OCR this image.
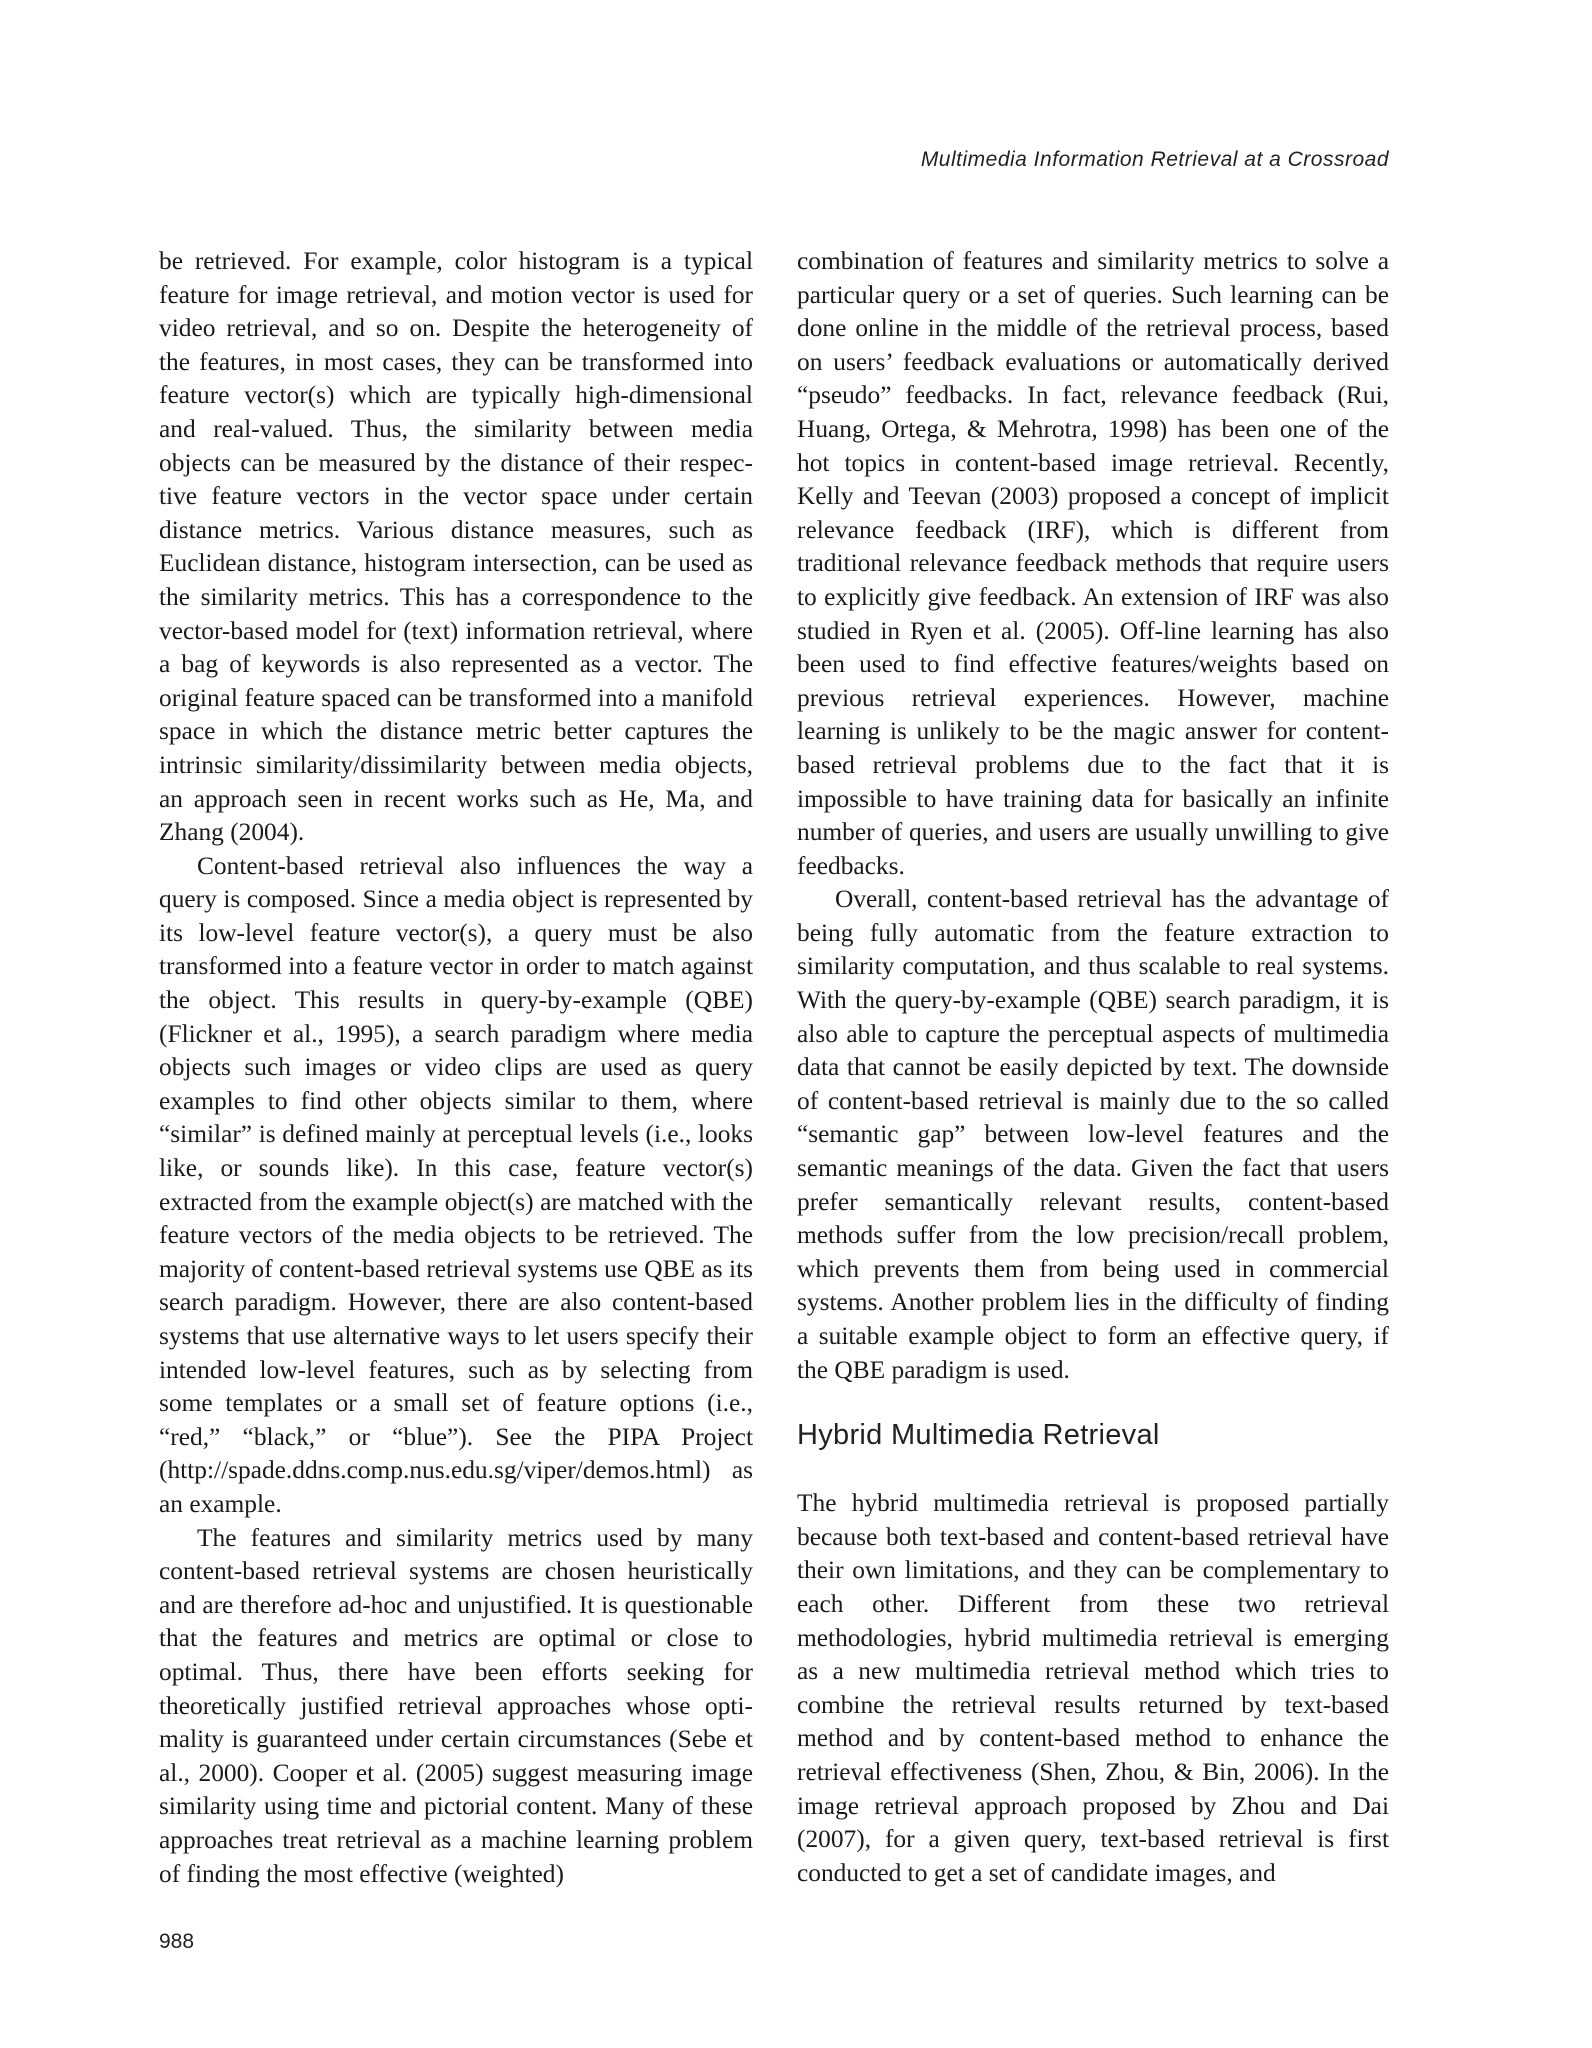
Multimedia Information Retrieval at a Crossroad

be retrieved. For example, color histogram is a typical feature for image retrieval, and motion vector is used for video retrieval, and so on. Despite the heterogeneity of the features, in most cases, they can be transformed into feature vector(s) which are typically high-dimensional and real-valued. Thus, the similarity between media objects can be measured by the distance of their respective feature vectors in the vector space under certain distance metrics. Various distance measures, such as Euclidean distance, histogram intersection, can be used as the similarity metrics. This has a correspondence to the vector-based model for (text) information retrieval, where a bag of keywords is also represented as a vector. The original feature spaced can be transformed into a manifold space in which the distance metric better captures the intrinsic similarity/dissimilarity between media objects, an approach seen in recent works such as He, Ma, and Zhang (2004).

Content-based retrieval also influences the way a query is composed. Since a media object is represented by its low-level feature vector(s), a query must be also transformed into a feature vector in order to match against the object. This results in query-by-example (QBE) (Flickner et al., 1995), a search paradigm where media objects such images or video clips are used as query examples to find other objects similar to them, where “similar” is defined mainly at perceptual levels (i.e., looks like, or sounds like). In this case, feature vector(s) extracted from the example object(s) are matched with the feature vectors of the media objects to be retrieved. The majority of content-based retrieval systems use QBE as its search paradigm. However, there are also content-based systems that use alternative ways to let users specify their intended low-level features, such as by selecting from some templates or a small set of feature options (i.e., “red,” “black,” or “blue”). See the PIPA Project (http://spade.ddns.comp.​nus.edu.sg/viper/demos.html) as an example.

The features and similarity metrics used by many content-based retrieval systems are chosen heuristically and are therefore ad-hoc and unjustified. It is questionable that the features and metrics are optimal or close to optimal. Thus, there have been efforts seeking for theoretically justified retrieval approaches whose optimality is guaranteed under certain circumstances (Sebe et al., 2000). Cooper et al. (2005) suggest measuring image similarity using time and pictorial content. Many of these approaches treat retrieval as a machine learning problem of finding the most effective (weighted)

combination of features and similarity metrics to solve a particular query or a set of queries. Such learning can be done online in the middle of the retrieval process, based on users’ feedback evaluations or automatically derived “pseudo” feedbacks. In fact, relevance feedback (Rui, Huang, Ortega, & Mehrotra, 1998) has been one of the hot topics in content-based image retrieval. Recently, Kelly and Teevan (2003) proposed a concept of implicit relevance feedback (IRF), which is different from traditional relevance feedback methods that require users to explicitly give feedback. An extension of IRF was also studied in Ryen et al. (2005). Off-line learning has also been used to find effective features/weights based on previous retrieval experiences. However, machine learning is unlikely to be the magic answer for content-based retrieval problems due to the fact that it is impossible to have training data for basically an infinite number of queries, and users are usually unwilling to give feedbacks.

Overall, content-based retrieval has the advantage of being fully automatic from the feature extraction to similarity computation, and thus scalable to real systems. With the query-by-example (QBE) search paradigm, it is also able to capture the perceptual aspects of multimedia data that cannot be easily depicted by text. The downside of content-based retrieval is mainly due to the so called “semantic gap” between low-level features and the semantic meanings of the data. Given the fact that users prefer semantically relevant results, content-based methods suffer from the low precision/​recall problem, which prevents them from being used in commercial systems. Another problem lies in the difficulty of finding a suitable example object to form an effective query, if the QBE paradigm is used.

Hybrid Multimedia Retrieval

The hybrid multimedia retrieval is proposed partially because both text-based and content-based retrieval have their own limitations, and they can be complementary to each other. Different from these two retrieval methodologies, hybrid multimedia retrieval is emerging as a new multimedia retrieval method which tries to combine the retrieval results returned by text-based method and by content-based method to enhance the retrieval effectiveness (Shen, Zhou, & Bin, 2006). In the image retrieval approach proposed by Zhou and Dai (2007), for a given query, text-based retrieval is first conducted to get a set of candidate images, and

988
